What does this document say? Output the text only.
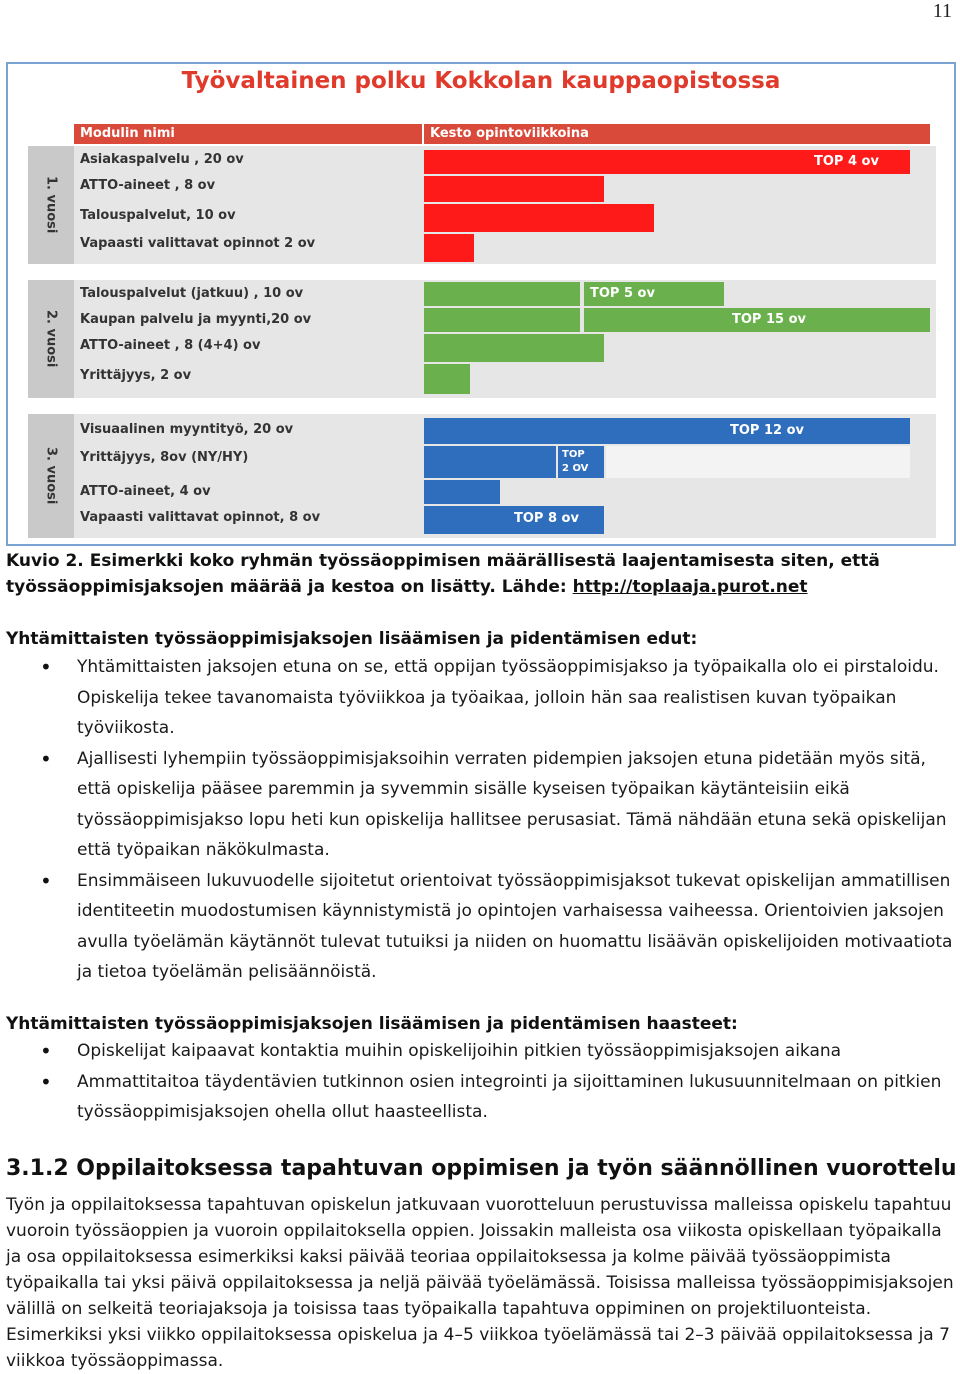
11
Työvaltainen polku Kokkolan kauppaopistossa
Modulin nimi	Kesto opintoviikkoina
1. vuosi
Asiakaspalvelu , 20 ov
ATTO-aineet , 8 ov
Talouspalvelut, 10 ov
Vapaasti valittavat opinnot 2 ov
TOP 4 ov
2. vuosi
Talouspalvelut (jatkuu) , 10 ov
Kaupan palvelu ja myynti,20 ov
ATTO-aineet , 8 (4+4) ov
Yrittäjyys, 2 ov
TOP 5 ov
TOP 15 ov
3. vuosi
Visuaalinen myyntityö, 20 ov
Yrittäjyys, 8ov (NY/HY)
ATTO-aineet, 4 ov
Vapaasti valittavat opinnot, 8 ov
TOP 12 ov
TOP
2 OV
TOP 8 ov
Kuvio 2. Esimerkki koko ryhmän työssäoppimisen määrällisestä laajentamisesta siten, että
työssäoppimisjaksojen määrää ja kestoa on lisätty. Lähde: http://toplaaja.purot.net
Yhtämittaisten työssäoppimisjaksojen lisäämisen ja pidentämisen edut:
• Yhtämittaisten jaksojen etuna on se, että oppijan työssäoppimisjakso ja työpaikalla olo ei pirstaloidu. Opiskelija tekee tavanomaista työviikkoa ja työaikaa, jolloin hän saa realistisen kuvan työpaikan työviikosta.
• Ajallisesti lyhempiin työssäoppimisjaksoihin verraten pidempien jaksojen etuna pidetään myös sitä, että opiskelija pääsee paremmin ja syvemmin sisälle kyseisen työpaikan käytänteisiin eikä työssäoppimisjakso lopu heti kun opiskelija hallitsee perusasiat. Tämä nähdään etuna sekä opiskelijan että työpaikan näkökulmasta.
• Ensimmäiseen lukuvuodelle sijoitetut orientoivat työssäoppimisjaksot tukevat opiskelijan ammatillisen identiteetin muodostumisen käynnistymistä jo opintojen varhaisessa vaiheessa. Orientoivien jaksojen avulla työelämän käytännöt tulevat tutuiksi ja niiden on huomattu lisäävän opiskelijoiden motivaatiota ja tietoa työelämän pelisäännöistä.
Yhtämittaisten työssäoppimisjaksojen lisäämisen ja pidentämisen haasteet:
• Opiskelijat kaipaavat kontaktia muihin opiskelijoihin pitkien työssäoppimisjaksojen aikana
• Ammattitaitoa täydentävien tutkinnon osien integrointi ja sijoittaminen lukusuunnitelmaan on pitkien työssäoppimisjaksojen ohella ollut haasteellista.
3.1.2 Oppilaitoksessa tapahtuvan oppimisen ja työn säännöllinen vuorottelu
Työn ja oppilaitoksessa tapahtuvan opiskelun jatkuvaan vuorotteluun perustuvissa malleissa opiskelu tapahtuu vuoroin työssäoppien ja vuoroin oppilaitoksella oppien. Joissakin malleista osa viikosta opiskellaan työpaikalla ja osa oppilaitoksessa esimerkiksi kaksi päivää teoriaa oppilaitoksessa ja kolme päivää työssäoppimista työpaikalla tai yksi päivä oppilaitoksessa ja neljä päivää työelämässä. Toisissa malleissa työssäoppimisjaksojen välillä on selkeitä teoriajaksoja ja toisissa taas työpaikalla tapahtuva oppiminen on projektiluonteista. Esimerkiksi yksi viikko oppilaitoksessa opiskelua ja 4–5 viikkoa työelämässä tai 2–3 päivää oppilaitoksessa ja 7 viikkoa työssäoppimassa.
